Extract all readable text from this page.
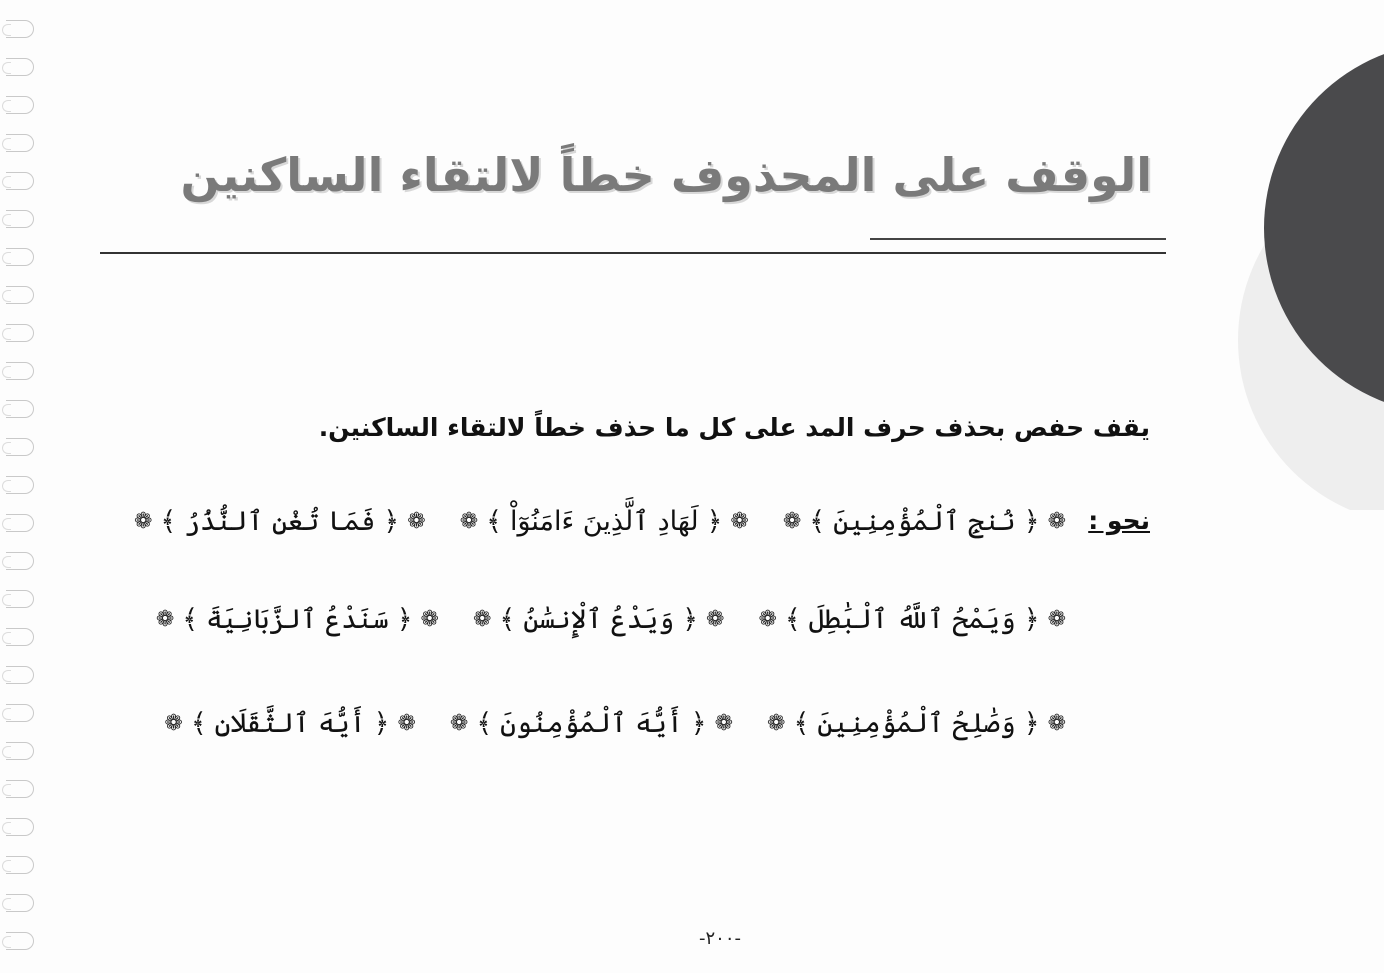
الوقف على المحذوف خطاً لالتقاء الساكنين
يقف حفص بحذف حرف المد على كل ما حذف خطاً لالتقاء الساكنين.
نحو :
❁
﴿
نُنجِ ٱلْمُؤْمِنِينَ
﴾
❁
❁
﴿
لَهَادِ ٱلَّذِينَ ءَامَنُوٓاْ
﴾
❁
❁
﴿
فَمَا تُغْنِ ٱلنُّذُرُ
﴾
❁
❁
﴿
وَيَمْحُ ٱللَّهُ ٱلْبَٰطِلَ
﴾
❁
❁
﴿
وَيَدْعُ ٱلْإِنسَٰنُ
﴾
❁
❁
﴿
سَنَدْعُ ٱلزَّبَانِيَةَ
﴾
❁
❁
﴿
وَصَٰلِحُ ٱلْمُؤْمِنِينَ
﴾
❁
❁
﴿
أَيُّهَ ٱلْمُؤْمِنُونَ
﴾
❁
❁
﴿
أَيُّهَ ٱلثَّقَلَانِ
﴾
❁
-٢٠٠-
